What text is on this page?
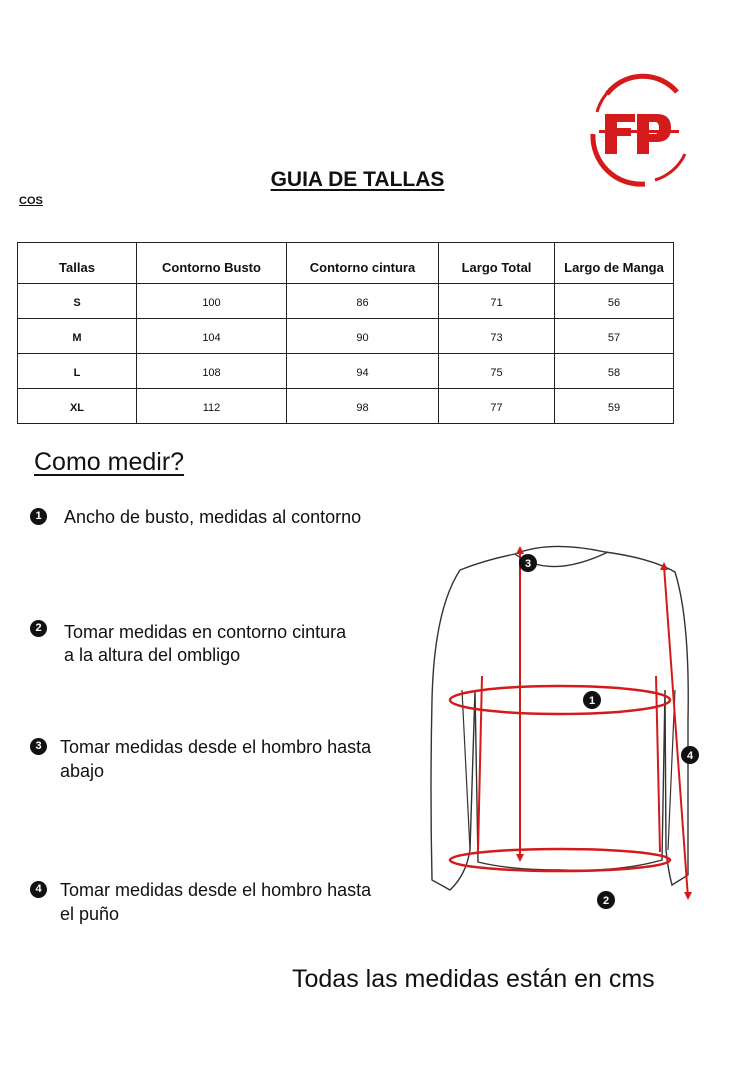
GUIA DE TALLAS
COS
Tallas	Contorno Busto	Contorno cintura	Largo Total	Largo de Manga
S	100	86	71	56
M	104	90	73	57
L	108	94	75	58
XL	112	98	77	59
Como medir?
1	Ancho de busto, medidas al contorno
2	Tomar medidas en contorno cintura
a la altura del ombligo
3	Tomar medidas desde el hombro hasta
abajo
4	Tomar medidas desde el hombro hasta
el puño
3
1
4
2
Todas las medidas están en cms
